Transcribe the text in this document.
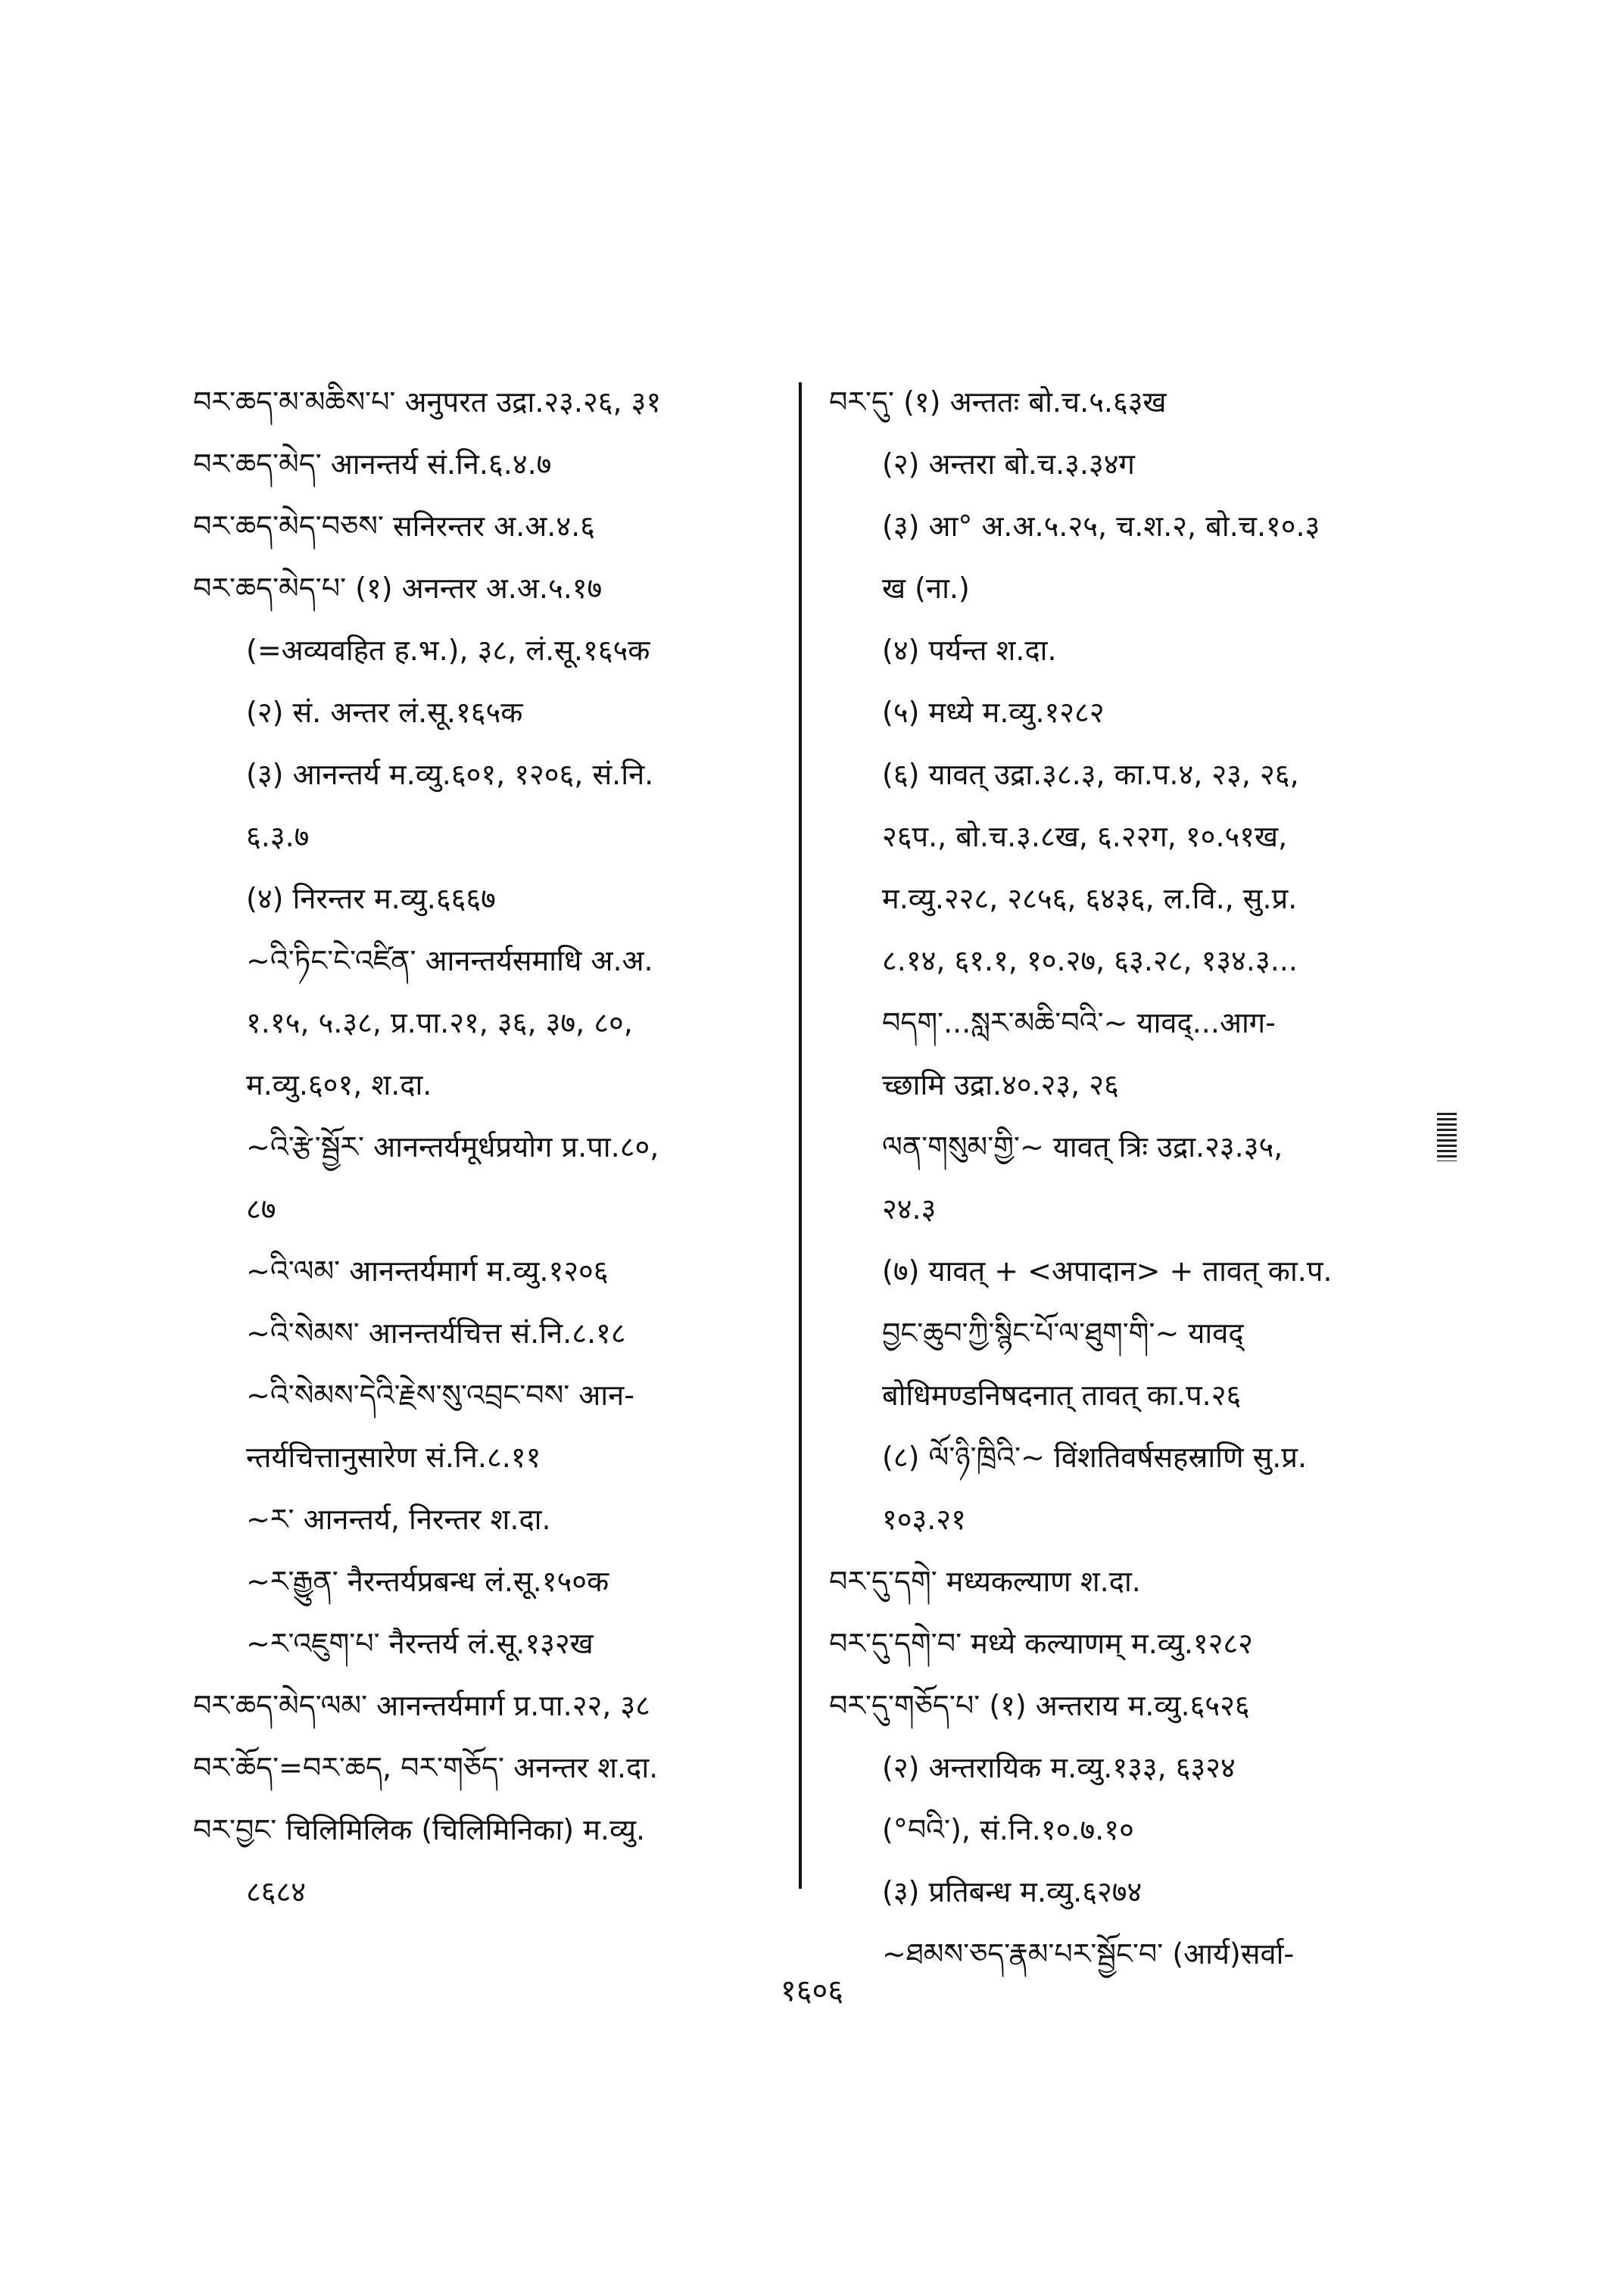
བར་ཆད་མ་མཆིས་པ་ अनुपरत उद्रा.२३.२६, ३१
བར་ཆད་མེད་ आनन्तर्य सं.नि.६.४.७
བར་ཆད་མེད་བཅས་ सनिरन्तर अ.अ.४.६
བར་ཆད་མེད་པ་ (१) अनन्तर अ.अ.५.१७
(=अव्यवहित ह.भ.), ३८, लं.सू.१६५क
(२) सं. अन्तर लं.सू.१६५क
(३) आनन्तर्य म.व्यु.६०१, १२०६, सं.नि.
६.३.७
(४) निरन्तर म.व्यु.६६६७
~འི་ཏིང་ངེ་འཛིན་ आनन्तर्यसमाधि अ.अ.
१.१५, ५.३८, प्र.पा.२१, ३६, ३७, ८०,
म.व्यु.६०१, श.दा.
~འི་རྩེ་སྦྱོར་ आनन्तर्यमूर्धप्रयोग प्र.पा.८०,
८७
~འི་ལམ་ आनन्तर्यमार्ग म.व्यु.१२०६
~འི་སེམས་ आनन्तर्यचित्त सं.नि.८.१८
~འི་སེམས་དེའི་རྗེས་སུ་འབྲང་བས་ आन-
न्तर्यचित्तानुसारेण सं.नि.८.११
~ར་ आनन्तर्य, निरन्तर श.दा.
~ར་རྒྱུན་ नैरन्तर्यप्रबन्ध लं.सू.१५०क
~ར་འཇུག་པ་ नैरन्तर्य लं.सू.१३२ख
བར་ཆད་མེད་ལམ་ आनन्तर्यमार्ग प्र.पा.२२, ३८
བར་ཆོད་=བར་ཆད, བར་གཅོད་ अनन्तर श.दा.
བར་བྱང་ चिलिमिलिक (चिलिमिनिका) म.व्यु.
८६८४
བར་དུ་ (१) अन्ततः बो.च.५.६३ख
(२) अन्तरा बो.च.३.३४ग
(३) आ° अ.अ.५.२५, च.श.२, बो.च.१०.३
ख (ना.)
(४) पर्यन्त श.दा.
(५) मध्ये म.व्यु.१२८२
(६) यावत् उद्रा.३८.३, का.प.४, २३, २६,
२६प., बो.च.३.८ख, ६.२२ग, १०.५१ख,
म.व्यु.२२८, २८५६, ६४३६, ल.वि., सु.प्र.
८.१४, ६१.१, १०.२७, ६३.२८, १३४.३...
བདག་...སླར་མཆི་བའི་~ यावद्...आग-
च्छामि उद्रा.४०.२३, २६
ལན་གསུམ་གྱི་~ यावत् त्रिः उद्रा.२३.३५,
२४.३
(७) यावत् + <अपादान> + तावत् का.प.
བྱང་ཆུབ་ཀྱི་སྙིང་པོ་ལ་ཐུག་གི་~ यावद्
बोधिमण्डनिषदनात् तावत् का.प.२६
(८) ལོ་ཉི་ཁྲིའི་~ विंशतिवर्षसहस्राणि सु.प्र.
१०३.२१
བར་དུ་དགེ་ मध्यकल्याण श.दा.
བར་དུ་དགེ་བ་ मध्ये कल्याणम् म.व्यु.१२८२
བར་དུ་གཅོད་པ་ (१) अन्तराय म.व्यु.६५२६
(२) अन्तरायिक म.व्यु.१३३, ६३२४
(°བའི་), सं.नि.१०.७.१०
(३) प्रतिबन्ध म.व्यु.६२७४
~ཐམས་ཅད་རྣམ་པར་སྦྱོང་བ་ (आर्य)सर्वा-
१६०६
